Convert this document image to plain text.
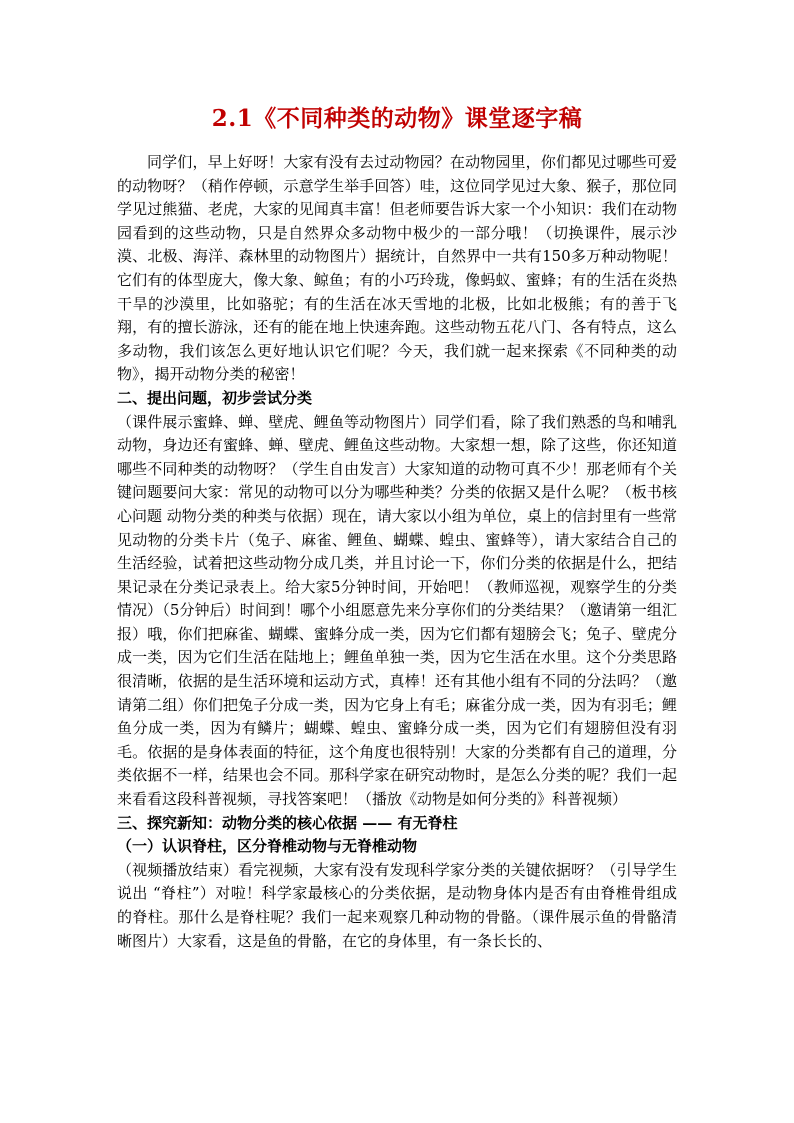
2.1《不同种类的动物》课堂逐字稿

同学们，早上好呀！大家有没有去过动物园？在动物园里，你们都见过哪些可爱的动物呀？（稍作停顿，示意学生举手回答）哇，这位同学见过大象、猴子，那位同学见过熊猫、老虎，大家的见闻真丰富！但老师要告诉大家一个小知识：我们在动物园看到的这些动物，只是自然界众多动物中极少的一部分哦！（切换课件，展示沙漠、北极、海洋、森林里的动物图片）据统计，自然界中一共有150多万种动物呢！它们有的体型庞大，像大象、鲸鱼；有的小巧玲珑，像蚂蚁、蜜蜂；有的生活在炎热干旱的沙漠里，比如骆驼；有的生活在冰天雪地的北极，比如北极熊；有的善于飞翔，有的擅长游泳，还有的能在地上快速奔跑。这些动物五花八门、各有特点，这么多动物，我们该怎么更好地认识它们呢？今天，我们就一起来探索《不同种类的动物》，揭开动物分类的秘密！

二、提出问题，初步尝试分类

（课件展示蜜蜂、蝉、壁虎、鲤鱼等动物图片）同学们看，除了我们熟悉的鸟和哺乳动物，身边还有蜜蜂、蝉、壁虎、鲤鱼这些动物。大家想一想，除了这些，你还知道哪些不同种类的动物呀？（学生自由发言）大家知道的动物可真不少！那老师有个关键问题要问大家：常见的动物可以分为哪些种类？分类的依据又是什么呢？（板书核心问题 动物分类的种类与依据）现在，请大家以小组为单位，桌上的信封里有一些常见动物的分类卡片（兔子、麻雀、鲤鱼、蝴蝶、蝗虫、蜜蜂等），请大家结合自己的生活经验，试着把这些动物分成几类，并且讨论一下，你们分类的依据是什么，把结果记录在分类记录表上。给大家5分钟时间，开始吧！（教师巡视，观察学生的分类情况）（5分钟后）时间到！哪个小组愿意先来分享你们的分类结果？（邀请第一组汇报）哦，你们把麻雀、蝴蝶、蜜蜂分成一类，因为它们都有翅膀会飞；兔子、壁虎分成一类，因为它们生活在陆地上；鲤鱼单独一类，因为它生活在水里。这个分类思路很清晰，依据的是生活环境和运动方式，真棒！还有其他小组有不同的分法吗？（邀请第二组）你们把兔子分成一类，因为它身上有毛；麻雀分成一类，因为有羽毛；鲤鱼分成一类，因为有鳞片；蝴蝶、蝗虫、蜜蜂分成一类，因为它们有翅膀但没有羽毛。依据的是身体表面的特征，这个角度也很特别！大家的分类都有自己的道理，分类依据不一样，结果也会不同。那科学家在研究动物时，是怎么分类的呢？我们一起来看看这段科普视频，寻找答案吧！（播放《动物是如何分类的》科普视频）

三、探究新知：动物分类的核心依据 —— 有无脊柱

（一）认识脊柱，区分脊椎动物与无脊椎动物

（视频播放结束）看完视频，大家有没有发现科学家分类的关键依据呀？（引导学生说出 “脊柱”）对啦！科学家最核心的分类依据，是动物身体内是否有由脊椎骨组成的脊柱。那什么是脊柱呢？我们一起来观察几种动物的骨骼。（课件展示鱼的骨骼清晰图片）大家看，这是鱼的骨骼，在它的身体里，有一条长长的、
